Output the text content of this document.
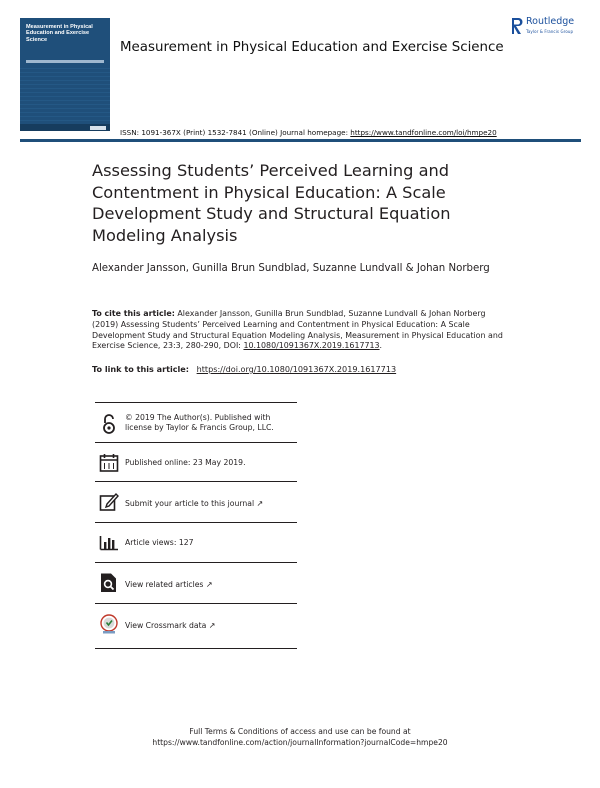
Measurement in Physical Education and Exercise Science
Measurement in Physical Education and Exercise Science
Routledge
Taylor & Francis Group
ISSN: 1091-367X (Print) 1532-7841 (Online) Journal homepage: https://www.tandfonline.com/loi/hmpe20
Assessing Students’ Perceived Learning and Contentment in Physical Education: A Scale Development Study and Structural Equation Modeling Analysis
Alexander Jansson, Gunilla Brun Sundblad, Suzanne Lundvall & Johan Norberg
To cite this article: Alexander Jansson, Gunilla Brun Sundblad, Suzanne Lundvall & Johan Norberg (2019) Assessing Students’ Perceived Learning and Contentment in Physical Education: A Scale Development Study and Structural Equation Modeling Analysis, Measurement in Physical Education and Exercise Science, 23:3, 280-290, DOI: 10.1080/1091367X.2019.1617713.
To link to this article: https://doi.org/10.1080/1091367X.2019.1617713
© 2019 The Author(s). Published with license by Taylor & Francis Group, LLC.
Published online: 23 May 2019.
Submit your article to this journal ↗
Article views: 127
View related articles ↗
View Crossmark data ↗
Full Terms & Conditions of access and use can be found at
https://www.tandfonline.com/action/journalInformation?journalCode=hmpe20
